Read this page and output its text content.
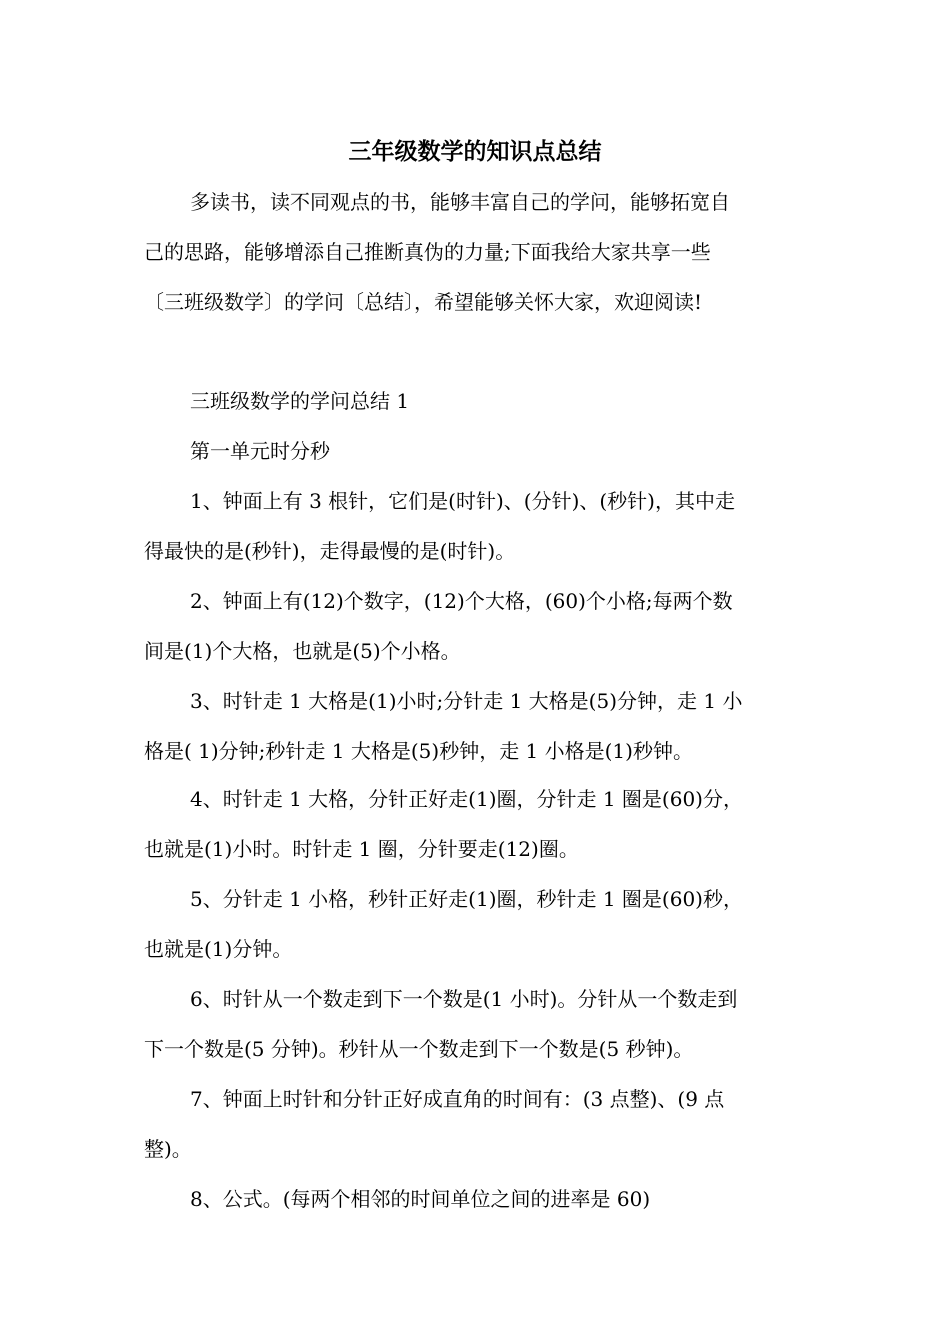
三年级数学的知识点总结

多读书，读不同观点的书，能够丰富自己的学问，能够拓宽自

己的思路，能够增添自己推断真伪的力量;下面我给大家共享一些

〔三班级数学〕的学问〔总结〕，希望能够关怀大家，欢迎阅读!

三班级数学的学问总结 1

第一单元时分秒

1、钟面上有 3 根针，它们是(时针)、(分针)、(秒针)，其中走

得最快的是(秒针)，走得最慢的是(时针)。

2、钟面上有(12)个数字，(12)个大格，(60)个小格;每两个数

间是(1)个大格，也就是(5)个小格。

3、时针走 1 大格是(1)小时;分针走 1 大格是(5)分钟，走 1 小

格是( 1)分钟;秒针走 1 大格是(5)秒钟，走 1 小格是(1)秒钟。

4、时针走 1 大格，分针正好走(1)圈，分针走 1 圈是(60)分，

也就是(1)小时。时针走 1 圈，分针要走(12)圈。

5、分针走 1 小格，秒针正好走(1)圈，秒针走 1 圈是(60)秒，

也就是(1)分钟。

6、时针从一个数走到下一个数是(1 小时)。分针从一个数走到

下一个数是(5 分钟)。秒针从一个数走到下一个数是(5 秒钟)。

7、钟面上时针和分针正好成直角的时间有：(3 点整)、(9 点

整)。

8、公式。(每两个相邻的时间单位之间的进率是 60)
